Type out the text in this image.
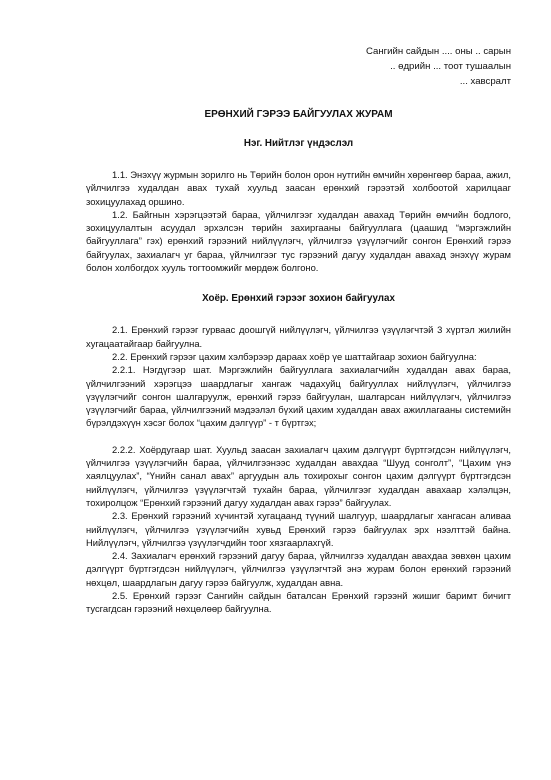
Сангийн сайдын .... оны .. сарын
.. өдрийн ... тоот тушаалын
... хавсралт
ЕРӨНХИЙ ГЭРЭЭ БАЙГУУЛАХ ЖУРАМ
Нэг. Нийтлэг үндэслэл

1.1. Энэхүү журмын зорилго нь Төрийн болон орон нутгийн өмчийн хөрөнгөөр бараа, ажил, үйлчилгээ худалдан авах тухай хуульд заасан ерөнхий гэрээтэй холбоотой харилцааг зохицуулахад оршино.

1.2. Байгнын хэрэгцээтэй бараа, үйлчилгээг худалдан авахад Төрийн өмчийн бодлого, зохицуулалтын асуудал эрхэлсэн төрийн захиргааны байгууллага (цаашид “мэргэжлийн байгууллага” гэх) ерөнхий гэрээний нийлүүлэгч, үйлчилгээ үзүүлэгчийг сонгон Ерөнхий гэрээ байгуулах, захиалагч уг бараа, үйлчилгээг тус гэрээний дагуу худалдан авахад энэхүү журам болон холбогдох хууль тогтоомжийг мөрдөж болгоно.

Хоёр. Ерөнхий гэрээг зохион байгуулах

2.1. Ерөнхий гэрээг гурваас доошгүй нийлүүлэгч, үйлчилгээ үзүүлэгчтэй 3 хүртэл жилийн хугацаатайгаар байгуулна.

2.2. Ерөнхий гэрээг цахим хэлбэрээр дараах хоёр үе шаттайгаар зохион байгуулна:

2.2.1. Нэгдүгээр шат. Мэргэжлийн байгууллага захиалагчийн худалдан авах бараа, үйлчилгээний хэрэгцээ шаардлагыг хангаж чадахуйц байгууллах нийлүүлэгч, үйлчилгээ үзүүлэгчийг сонгон шалгаруулж, ерөнхий гэрээ байгуулан, шалгарсан нийлүүлэгч, үйлчилгээ үзүүлэгчийг бараа, үйлчилгээний мэдээлэл бүхий цахим худалдан авах ажиллагааны системийн бүрэлдэхүүн хэсэг болох “цахим дэлгүүр” - т бүртгэх;

2.2.2. Хоёрдугаар шат. Хуульд заасан захиалагч цахим дэлгүүрт бүртгэгдсэн нийлүүлэгч, үйлчилгээ үзүүлэгчийн бараа, үйлчилгээнээс худалдан авахдаа “Шууд сонголт”, “Цахим үнэ хаялцуулах”, “Үнийн санал авах” аргуудын аль тохирохыг сонгон цахим дэлгүүрт бүртгэгдсэн нийлүүлэгч, үйлчилгээ үзүүлэгчтэй тухайн бараа, үйлчилгээг худалдан авахаар хэлэлцэн, тохиролцож “Ерөнхий гэрээний дагуу худалдан авах гэрээ” байгуулах.

2.3. Ерөнхий гэрээний хүчинтэй хугацаанд түүний шалгуур, шаардлагыг хангасан аливаа нийлүүлэгч, үйлчилгээ үзүүлэгчийн хувьд Ерөнхий гэрээ байгуулах эрх нээлттэй байна. Нийлүүлэгч, үйлчилгээ үзүүлэгчдийн тоог хязгаарлахгүй.

2.4. Захиалагч ерөнхий гэрээний дагуу бараа, үйлчилгээ худалдан авахдаа зөвхөн цахим дэлгүүрт бүртгэгдсэн нийлүүлэгч, үйлчилгээ үзүүлэгчтэй энэ журам болон ерөнхий гэрээний нөхцөл, шаардлагын дагуу гэрээ байгуулж, худалдан авна.

2.5. Ерөнхий гэрээг Сангийн сайдын баталсан Ерөнхий гэрээнй жишиг баримт бичигт тусгагдсан гэрээний нөхцөлөөр байгуулна.
